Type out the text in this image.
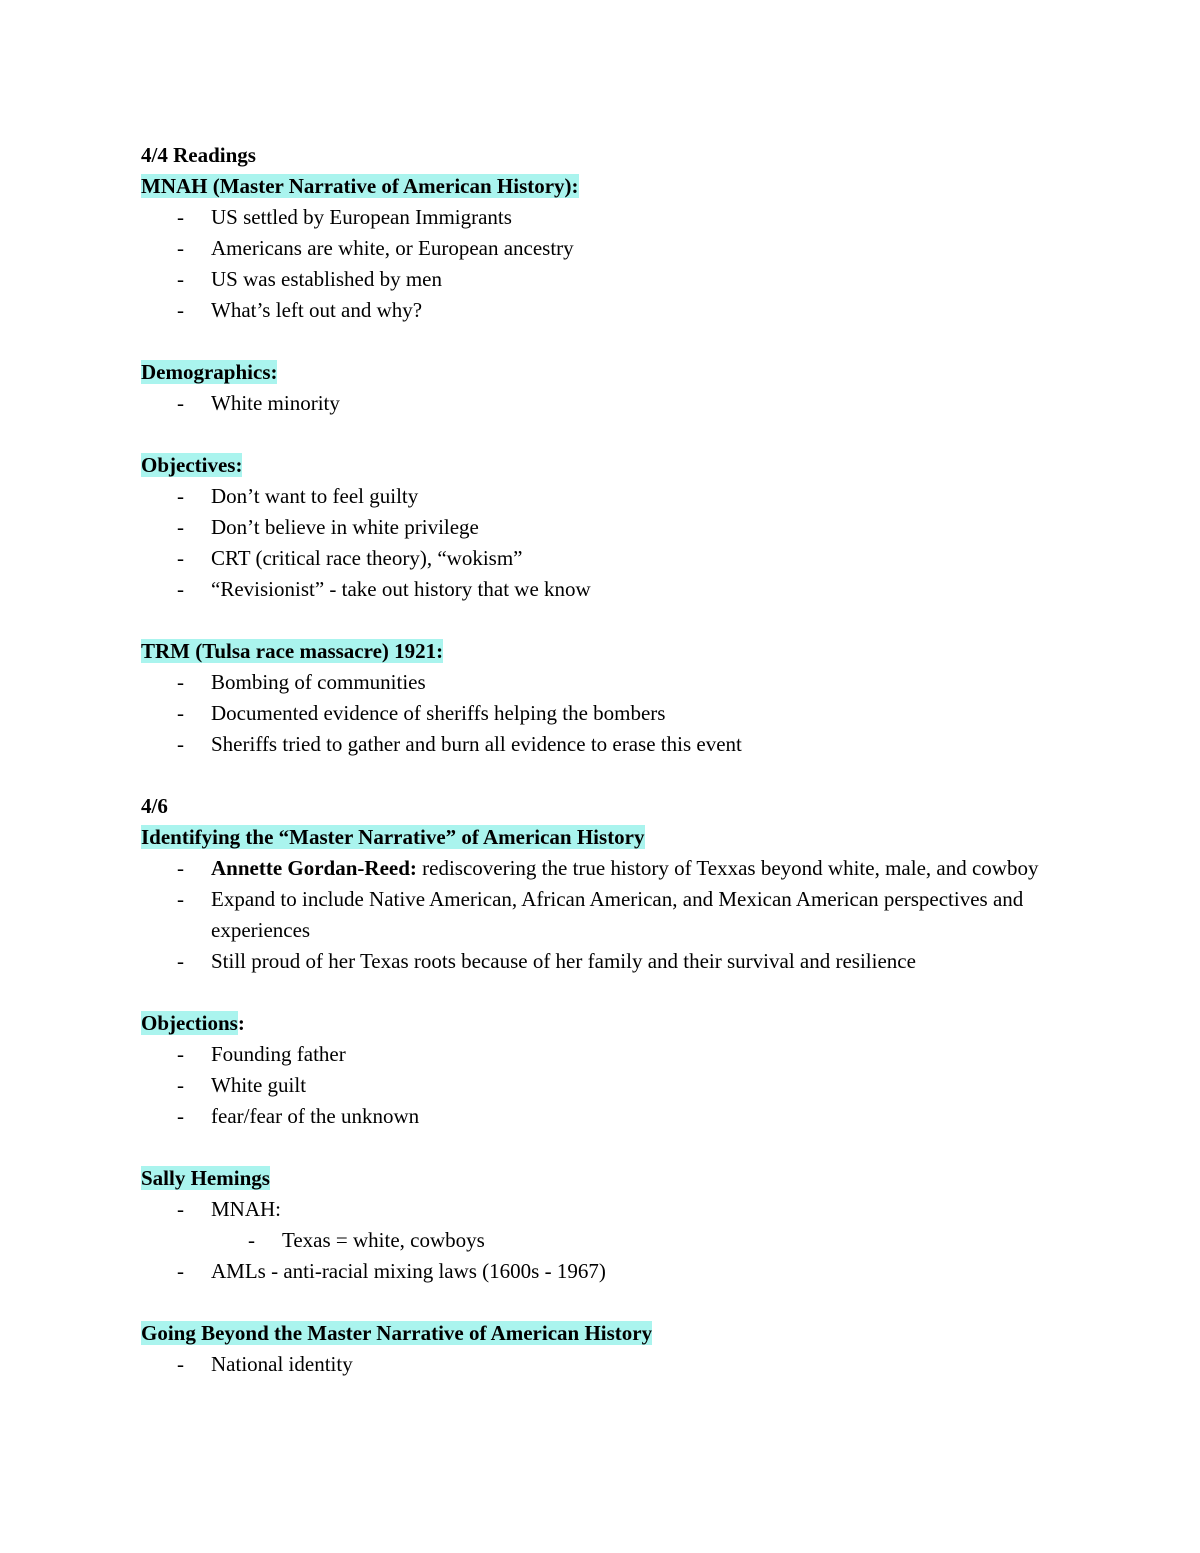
4/4 Readings
MNAH (Master Narrative of American History):
- US settled by European Immigrants
- Americans are white, or European ancestry
- US was established by men
- What’s left out and why?
Demographics:
- White minority
Objectives:
- Don’t want to feel guilty
- Don’t believe in white privilege
- CRT (critical race theory), “wokism”
- “Revisionist” - take out history that we know
TRM (Tulsa race massacre) 1921:
- Bombing of communities
- Documented evidence of sheriffs helping the bombers
- Sheriffs tried to gather and burn all evidence to erase this event
4/6
Identifying the “Master Narrative” of American History
- Annette Gordan-Reed: rediscovering the true history of Texxas beyond white, male, and cowboy
- Expand to include Native American, African American, and Mexican American perspectives and experiences
- Still proud of her Texas roots because of her family and their survival and resilience
Objections:
- Founding father
- White guilt
- fear/fear of the unknown
Sally Hemings
- MNAH:
- Texas = white, cowboys
- AMLs - anti-racial mixing laws (1600s - 1967)
Going Beyond the Master Narrative of American History
- National identity
